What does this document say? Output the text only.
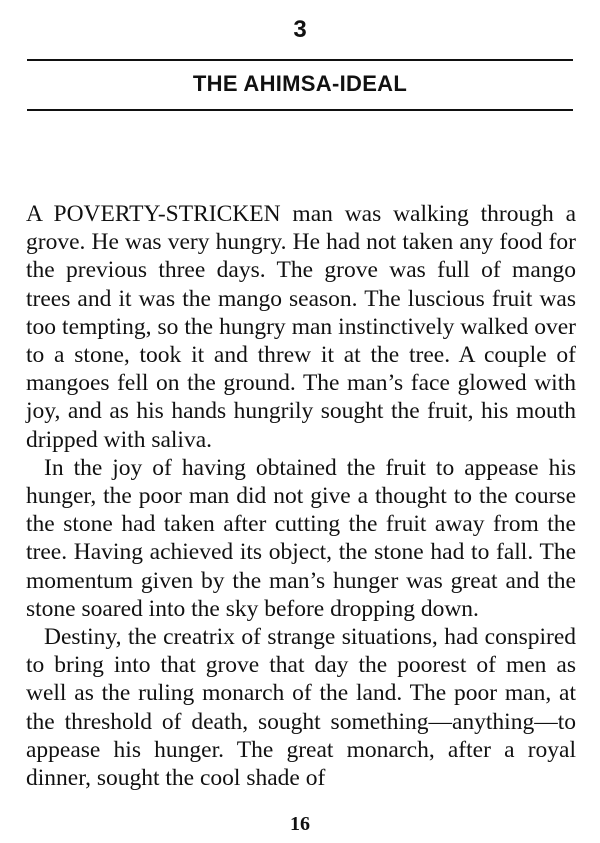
3
THE AHIMSA-IDEAL

A POVERTY-STRICKEN man was walking through a grove. He was very hungry. He had not taken any food for the previous three days. The grove was full of mango trees and it was the mango season. The luscious fruit was too tempting, so the hungry man instinctively walked over to a stone, took it and threw it at the tree. A couple of mangoes fell on the ground. The man’s face glowed with joy, and as his hands hungrily sought the fruit, his mouth dripped with saliva.

In the joy of having obtained the fruit to appease his hunger, the poor man did not give a thought to the course the stone had taken after cutting the fruit away from the tree. Having achieved its object, the stone had to fall. The momentum given by the man’s hunger was great and the stone soared into the sky before dropping down.

Destiny, the creatrix of strange situations, had conspired to bring into that grove that day the poorest of men as well as the ruling monarch of the land. The poor man, at the threshold of death, sought something—anything—to appease his hunger. The great monarch, after a royal dinner, sought the cool shade of

16
